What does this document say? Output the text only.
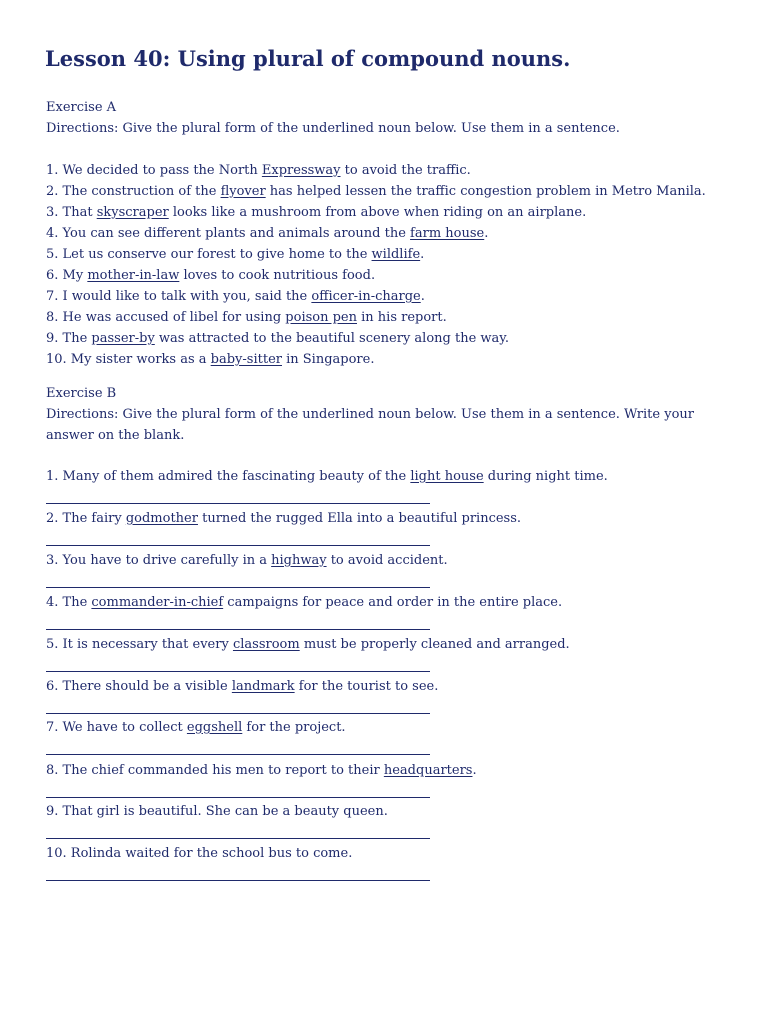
Lesson 40: Using plural of compound nouns.
Exercise A
Directions: Give the plural form of the underlined noun below. Use them in a sentence.
1. We decided to pass the North Expressway to avoid the traffic.
2. The construction of the flyover has helped lessen the traffic congestion problem in Metro Manila.
3. That skyscraper looks like a mushroom from above when riding on an airplane.
4. You can see different plants and animals around the farm house.
5. Let us conserve our forest to give home to the wildlife.
6. My mother-in-law loves to cook nutritious food.
7. I would like to talk with you, said the officer-in-charge.
8. He was accused of libel for using poison pen in his report.
9. The passer-by was attracted to the beautiful scenery along the way.
10. My sister works as a baby-sitter in Singapore.
Exercise B
Directions: Give the plural form of the underlined noun below. Use them in a sentence. Write your answer on the blank.
1. Many of them admired the fascinating beauty of the light house during night time.
2. The fairy godmother turned the rugged Ella into a beautiful princess.
3. You have to drive carefully in a highway to avoid accident.
4. The commander-in-chief campaigns for peace and order in the entire place.
5. It is necessary that every classroom must be properly cleaned and arranged.
6. There should be a visible landmark for the tourist to see.
7. We have to collect eggshell for the project.
8. The chief commanded his men to report to their headquarters.
9. That girl is beautiful. She can be a beauty queen.
10. Rolinda waited for the school bus to come.
